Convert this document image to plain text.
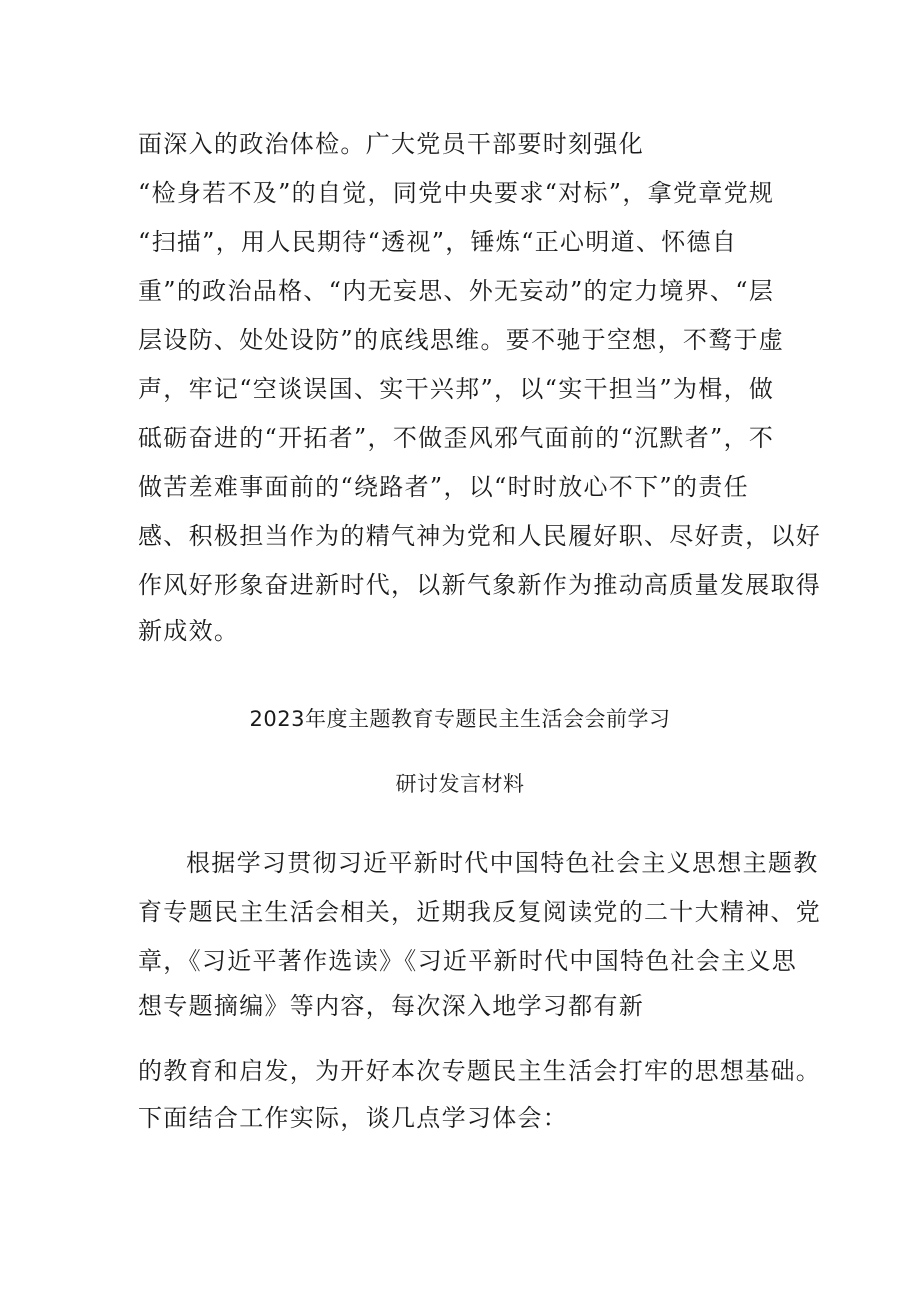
面深入的政治体检。广大党员干部要时刻强化
“检身若不及”的自觉，同党中央要求“对标”，拿党章党规
“扫描”，用人民期待“透视”，锤炼“正心明道、怀德自
重”的政治品格、“内无妄思、外无妄动”的定力境界、“层
层设防、处处设防”的底线思维。要不驰于空想，不鹜于虚
声，牢记“空谈误国、实干兴邦”，以“实干担当”为楫，做
砥砺奋进的“开拓者”，不做歪风邪气面前的“沉默者”，不
做苦差难事面前的“绕路者”，以“时时放心不下”的责任
感、积极担当作为的精气神为党和人民履好职、尽好责，以好
作风好形象奋进新时代，以新气象新作为推动高质量发展取得
新成效。
2023年度主题教育专题民主生活会会前学习
研讨发言材料
根据学习贯彻习近平新时代中国特色社会主义思想主题教
育专题民主生活会相关，近期我反复阅读党的二十大精神、党
章，《习近平著作选读》《习近平新时代中国特色社会主义思
想专题摘编》等内容，每次深入地学习都有新
的教育和启发，为开好本次专题民主生活会打牢的思想基础。
下面结合工作实际，谈几点学习体会：
